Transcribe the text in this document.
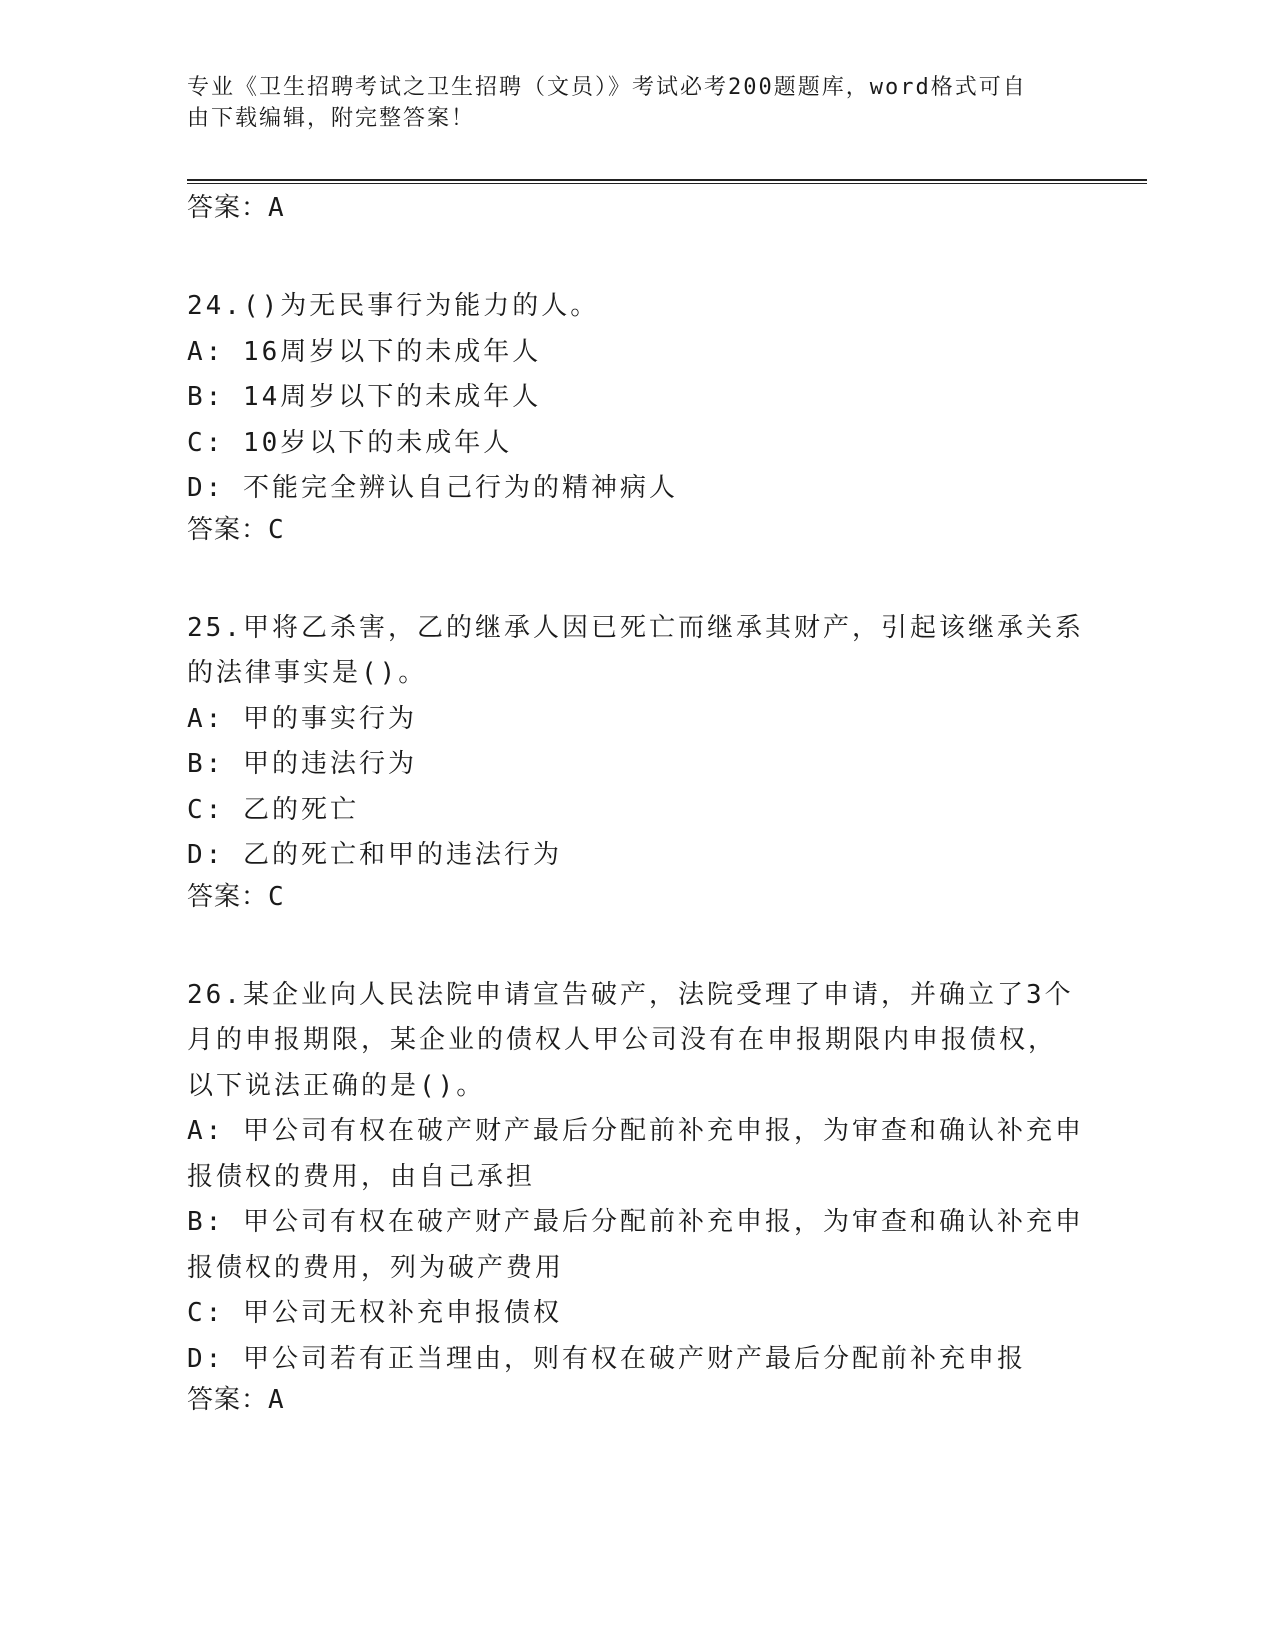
专业《卫生招聘考试之卫生招聘（文员）》考试必考200题题库，word格式可自
由下载编辑，附完整答案！
答案：A
24.()为无民事行为能力的人。
A: 16周岁以下的未成年人
B: 14周岁以下的未成年人
C: 10岁以下的未成年人
D: 不能完全辨认自己行为的精神病人
答案：C
25.甲将乙杀害，乙的继承人因已死亡而继承其财产，引起该继承关系
的法律事实是()。
A: 甲的事实行为
B: 甲的违法行为
C: 乙的死亡
D: 乙的死亡和甲的违法行为
答案：C
26.某企业向人民法院申请宣告破产，法院受理了申请，并确立了3个
月的申报期限，某企业的债权人甲公司没有在申报期限内申报债权，
以下说法正确的是()。
A: 甲公司有权在破产财产最后分配前补充申报，为审查和确认补充申
报债权的费用，由自己承担
B: 甲公司有权在破产财产最后分配前补充申报，为审查和确认补充申
报债权的费用，列为破产费用
C: 甲公司无权补充申报债权
D: 甲公司若有正当理由，则有权在破产财产最后分配前补充申报
答案：A
